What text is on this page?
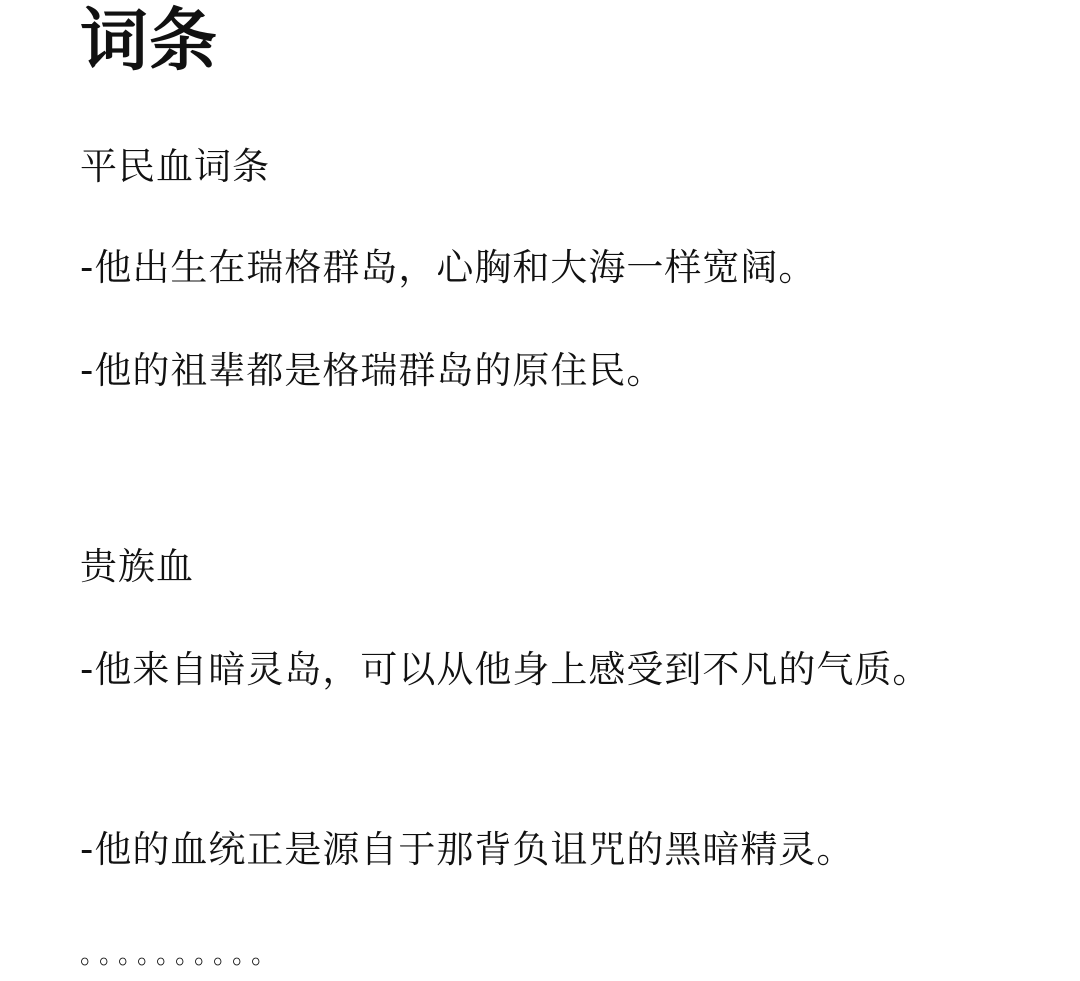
词条
平民血词条
-他出生在瑞格群岛，心胸和大海一样宽阔。
-他的祖辈都是格瑞群岛的原住民。
贵族血
-他来自暗灵岛，可以从他身上感受到不凡的气质。
-他的血统正是源自于那背负诅咒的黑暗精灵。
。。。。。。。。。。
